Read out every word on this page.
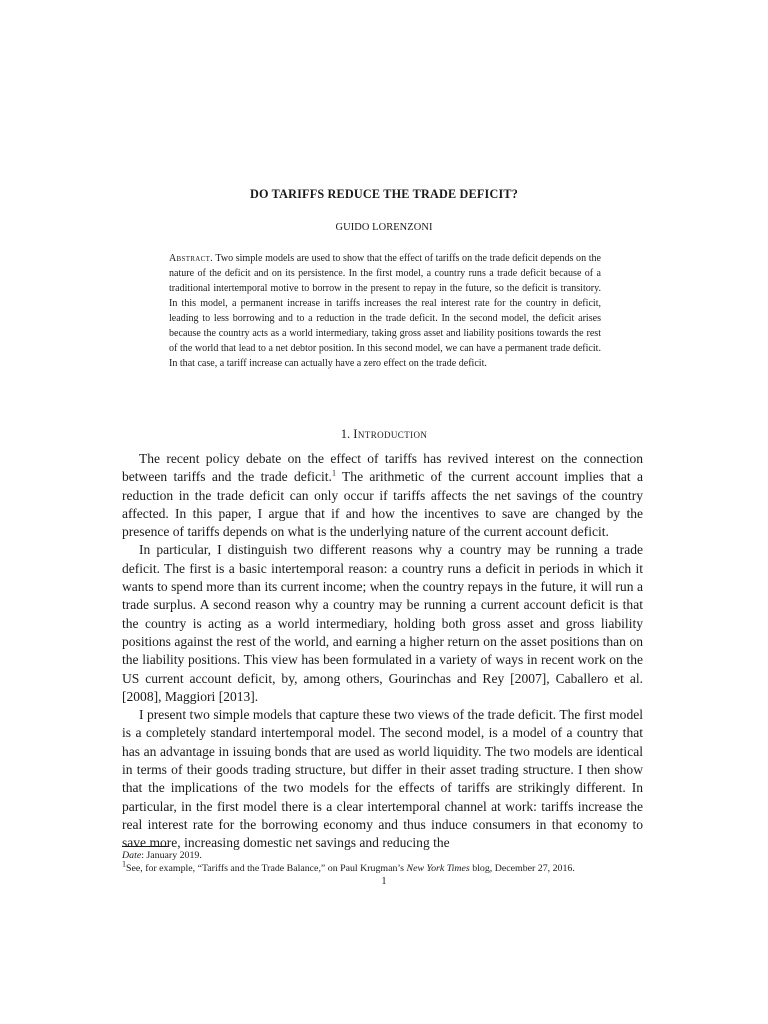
DO TARIFFS REDUCE THE TRADE DEFICIT?
GUIDO LORENZONI
Abstract. Two simple models are used to show that the effect of tariffs on the trade deficit depends on the nature of the deficit and on its persistence. In the first model, a country runs a trade deficit because of a traditional intertemporal motive to borrow in the present to repay in the future, so the deficit is transitory. In this model, a permanent increase in tariffs increases the real interest rate for the country in deficit, leading to less borrowing and to a reduction in the trade deficit. In the second model, the deficit arises because the country acts as a world intermediary, taking gross asset and liability positions towards the rest of the world that lead to a net debtor position. In this second model, we can have a permanent trade deficit. In that case, a tariff increase can actually have a zero effect on the trade deficit.
1. Introduction

The recent policy debate on the effect of tariffs has revived interest on the connection between tariffs and the trade deficit.$^1$ The arithmetic of the current account implies that a reduction in the trade deficit can only occur if tariffs affects the net savings of the country affected. In this paper, I argue that if and how the incentives to save are changed by the presence of tariffs depends on what is the underlying nature of the current account deficit.

In particular, I distinguish two different reasons why a country may be running a trade deficit. The first is a basic intertemporal reason: a country runs a deficit in periods in which it wants to spend more than its current income; when the country repays in the future, it will run a trade surplus. A second reason why a country may be running a current account deficit is that the country is acting as a world intermediary, holding both gross asset and gross liability positions against the rest of the world, and earning a higher return on the asset positions than on the liability positions. This view has been formulated in a variety of ways in recent work on the US current account deficit, by, among others, Gourinchas and Rey [2007], Caballero et al. [2008], Maggiori [2013].

I present two simple models that capture these two views of the trade deficit. The first model is a completely standard intertemporal model. The second model, is a model of a country that has an advantage in issuing bonds that are used as world liquidity. The two models are identical in terms of their goods trading structure, but differ in their asset trading structure. I then show that the implications of the two models for the effects of tariffs are strikingly different. In particular, in the first model there is a clear intertemporal channel at work: tariffs increase the real interest rate for the borrowing economy and thus induce consumers in that economy to save more, increasing domestic net savings and reducing the

Date: January 2019.
$^1$See, for example, “Tariffs and the Trade Balance,” on Paul Krugman’s New York Times blog, December 27, 2016.
1
